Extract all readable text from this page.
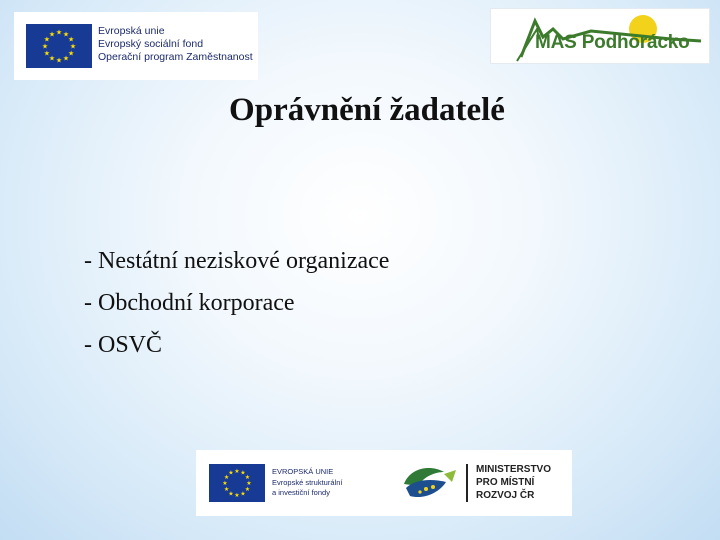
★ ★
★
★
★
★
★
★
★
★
★
★	Evropská unie
Evropský sociální fond
Operační program Zaměstnanost
MAS Podhorácko
Oprávnění žadatelé
- Nestátní neziskové organizace
- Obchodní korporace
- OSVČ
★ ★
★
★
★
★
★
★
★
★
★
★	EVROPSKÁ UNIE
Evropské strukturální
a investiční fondy
MINISTERSTVO
PRO MÍSTNÍ
ROZVOJ ČR
